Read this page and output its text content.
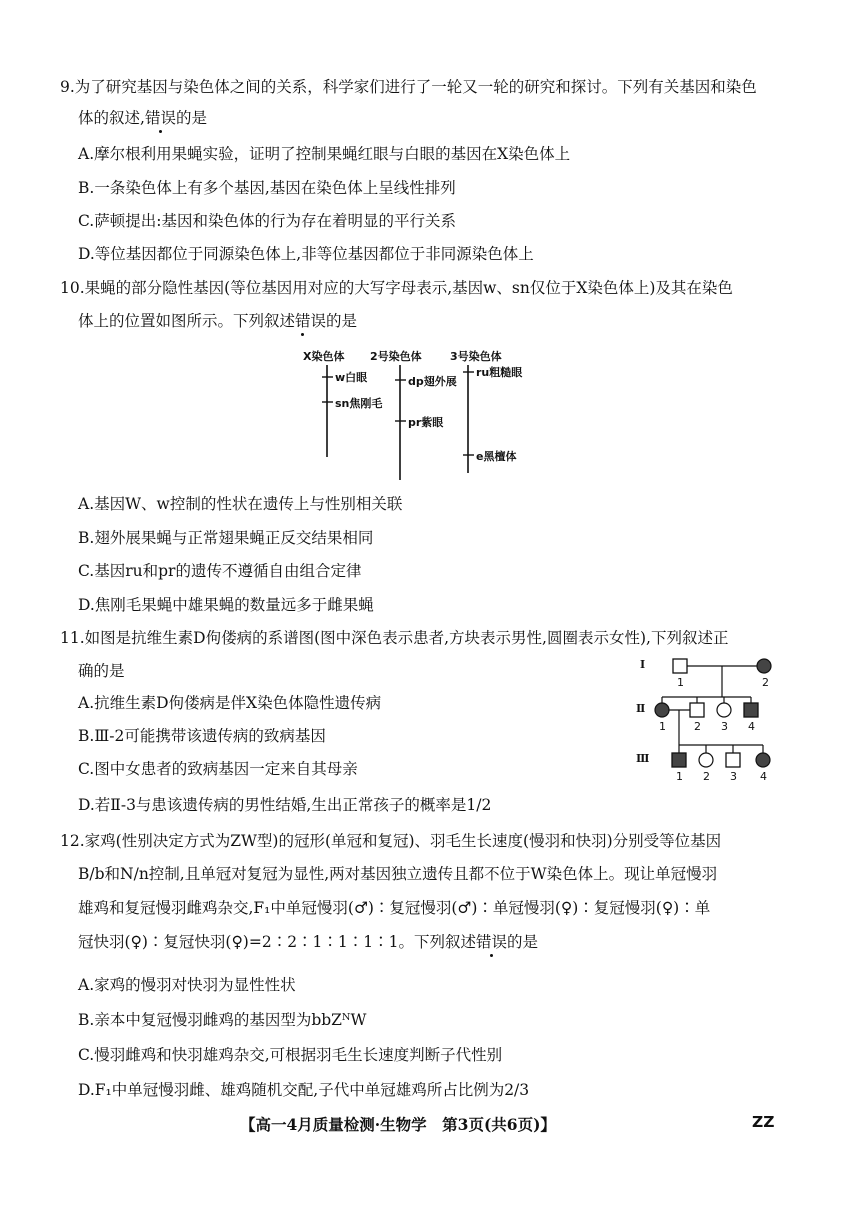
9.为了研究基因与染色体之间的关系，科学家们进行了一轮又一轮的研究和探讨。下列有关基因和染色
体的叙述,错误的是
A.摩尔根利用果蝇实验，证明了控制果蝇红眼与白眼的基因在X染色体上
B.一条染色体上有多个基因,基因在染色体上呈线性排列
C.萨顿提出:基因和染色体的行为存在着明显的平行关系
D.等位基因都位于同源染色体上,非等位基因都位于非同源染色体上
10.果蝇的部分隐性基因(等位基因用对应的大写字母表示,基因w、sn仅位于X染色体上)及其在染色
体上的位置如图所示。下列叙述错误的是
X染色体 2号染色体	3号染色体
w白眼
sn焦刚毛
dp翅外展
pr紫眼
ru粗糙眼
e黑檀体
A.基因W、w控制的性状在遗传上与性别相关联
B.翅外展果蝇与正常翅果蝇正反交结果相同
C.基因ru和pr的遗传不遵循自由组合定律
D.焦刚毛果蝇中雄果蝇的数量远多于雌果蝇
11.如图是抗维生素D佝偻病的系谱图(图中深色表示患者,方块表示男性,圆圈表示女性),下列叙述正
确的是
A.抗维生素D佝偻病是伴X染色体隐性遗传病
B.Ⅲ-2可能携带该遗传病的致病基因
C.图中女患者的致病基因一定来自其母亲
D.若Ⅱ-3与患该遗传病的男性结婚,生出正常孩子的概率是1/2
I
Ⅱ
Ⅲ
1	2
1	2 3 4
1 2 3 4
12.家鸡(性别决定方式为ZW型)的冠形(单冠和复冠)、羽毛生长速度(慢羽和快羽)分别受等位基因
B/b和N/n控制,且单冠对复冠为显性,两对基因独立遗传且都不位于W染色体上。现让单冠慢羽
雄鸡和复冠慢羽雌鸡杂交,F₁中单冠慢羽(♂)∶复冠慢羽(♂)∶单冠慢羽(♀)∶复冠慢羽(♀)∶单
冠快羽(♀)∶复冠快羽(♀)=2∶2∶1∶1∶1∶1。下列叙述错误的是
A.家鸡的慢羽对快羽为显性性状
B.亲本中复冠慢羽雌鸡的基因型为bbZᴺW
C.慢羽雌鸡和快羽雄鸡杂交,可根据羽毛生长速度判断子代性别
D.F₁中单冠慢羽雌、雄鸡随机交配,子代中单冠雄鸡所占比例为2/3
【高一4月质量检测·生物学　第3页(共6页)】	ZZ
